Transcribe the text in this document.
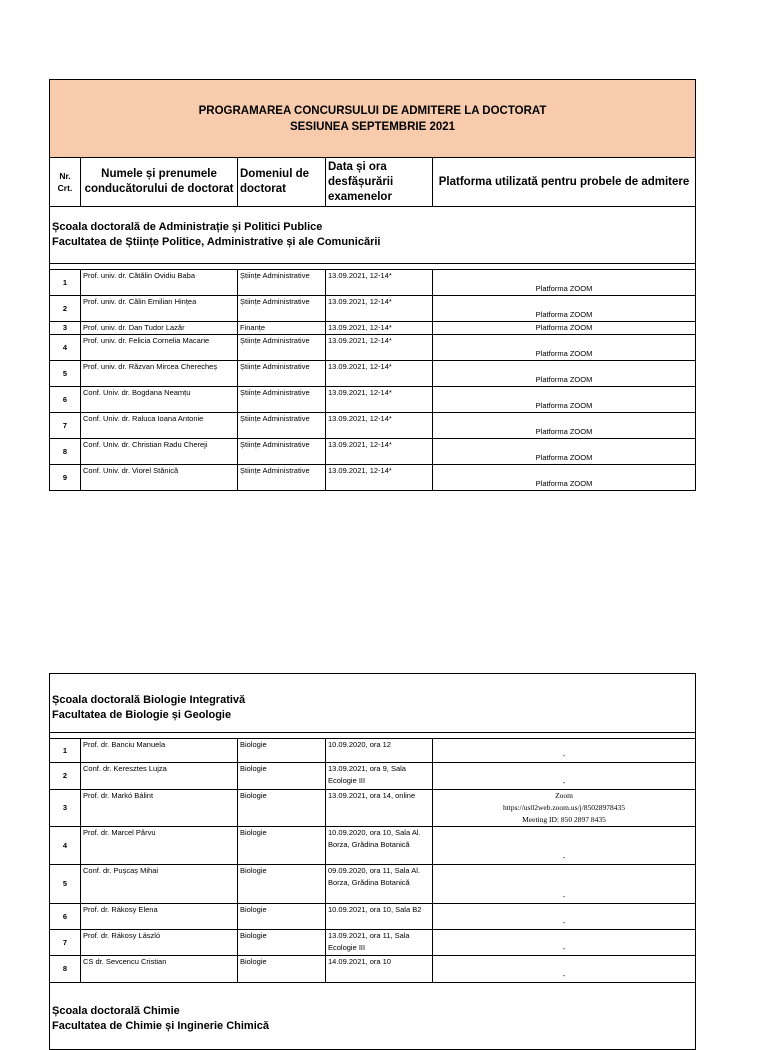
PROGRAMAREA CONCURSULUI DE ADMITERE LA DOCTORAT
SESIUNEA SEPTEMBRIE 2021				

Nr. Crt.	Numele și prenumele conducătorului de doctorat	Domeniul de doctorat	Data și ora desfășurării examenelor	Platforma utilizată pentru probele de admitere

Școala doctorală de Administrație și Politici Publice
Facultatea de Științe Politice, Administrative și ale Comunicării				

1	Prof. univ. dr. Cătălin Ovidiu Baba	Științe Administrative	13.09.2021, 12-14*	Platforma ZOOM
2	Prof. univ. dr. Călin Emilian Hințea	Științe Administrative	13.09.2021, 12-14*	Platforma ZOOM
3	Prof. univ. dr. Dan Tudor Lazăr	Finanțe	13.09.2021, 12-14*	Platforma ZOOM
4	Prof. univ. dr. Felicia Cornelia Macarie	Științe Administrative	13.09.2021, 12-14*	Platforma ZOOM
5	Prof. univ. dr. Răzvan Mircea Cherecheș	Științe Administrative	13.09.2021, 12-14*	Platforma ZOOM
6	Conf. Univ. dr. Bogdana Neamțu	Științe Administrative	13.09.2021, 12-14*	Platforma ZOOM
7	Conf. Univ. dr. Raluca Ioana Antonie	Științe Administrative	13.09.2021, 12-14*	Platforma ZOOM
8	Conf. Univ. dr. Christian Radu Chereji	Științe Administrative	13.09.2021, 12-14*	Platforma ZOOM
9	Conf. Univ. dr. Viorel Stănică	Științe Administrative	13.09.2021, 12-14*	Platforma ZOOM
Școala doctorală Biologie Integrativă
Facultatea de Biologie și Geologie				

1	Prof. dr. Banciu Manuela	Biologie	10.09.2020, ora 12	-
2	Conf. dr. Keresztes Lujza	Biologie	13.09.2021, ora 9, Sala Ecologie III	-
3	Prof. dr. Markó Bálint	Biologie	13.09.2021, ora 14, online	Zoom
https://us02web.zoom.us/j/85028978435
Meeting ID: 850 2897 8435

4	Prof. dr. Marcel Pârvu	Biologie	10.09.2020, ora 10, Sala Al. Borza, Grădina Botanică	-
5	Conf. dr. Pușcaș Mihai	Biologie	09.09.2020, ora 11, Sala Al. Borza, Grădina Botanică	-
6	Prof. dr. Rákosy Elena	Biologie	10.09.2021, ora 10, Sala B2	-
7	Prof. dr. Rákosy László	Biologie	13.09.2021, ora 11, Sala Ecologie III	-
8	CS dr. Sevcencu Cristian	Biologie	14.09.2021, ora 10	-

Școala doctorală Chimie
Facultatea de Chimie și Inginerie Chimică				
